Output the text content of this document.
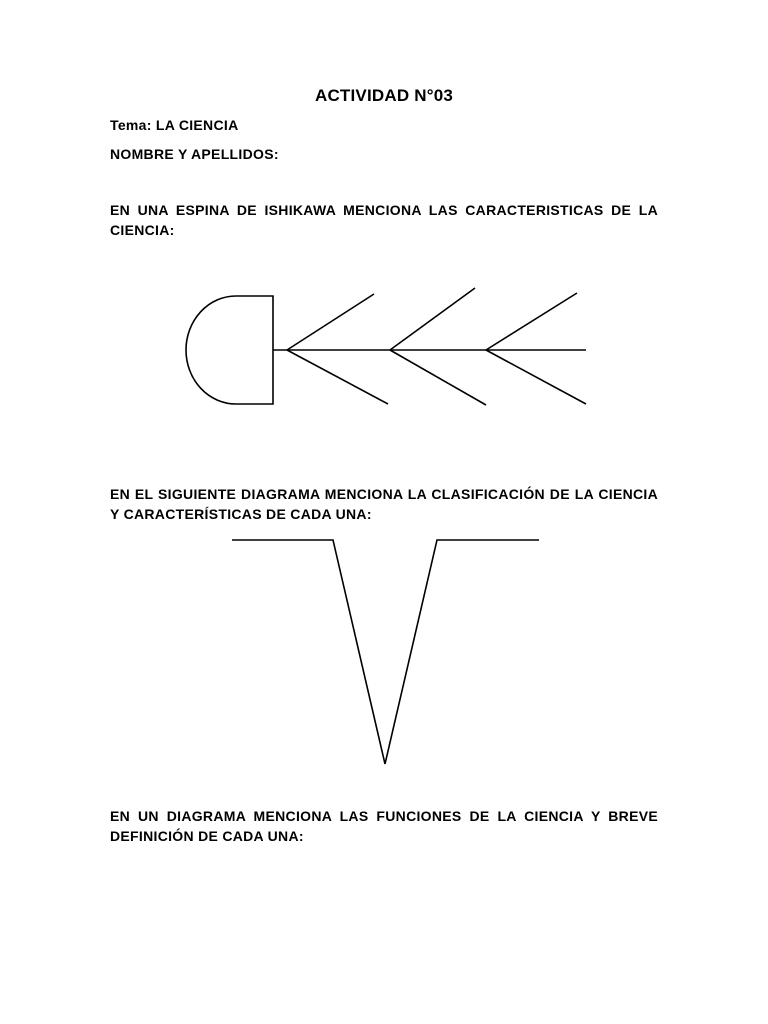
ACTIVIDAD N°03
Tema: LA CIENCIA
NOMBRE Y APELLIDOS:
EN UNA ESPINA DE ISHIKAWA MENCIONA LAS CARACTERISTICAS DE LA CIENCIA:
EN EL SIGUIENTE DIAGRAMA MENCIONA LA CLASIFICACIÓN DE LA CIENCIA Y CARACTERÍSTICAS DE CADA UNA:
EN UN DIAGRAMA MENCIONA LAS FUNCIONES DE LA CIENCIA Y BREVE DEFINICIÓN DE CADA UNA:
